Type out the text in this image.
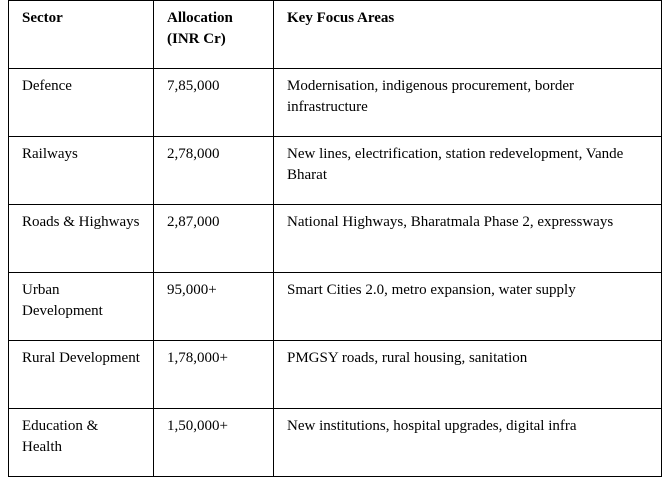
Sector	Allocation (INR Cr)	Key Focus Areas
Defence	7,85,000	Modernisation, indigenous procurement, border infrastructure
Railways	2,78,000	New lines, electrification, station redevelopment, Vande Bharat
Roads & Highways	2,87,000	National Highways, Bharatmala Phase 2, expressways
Urban Development	95,000+	Smart Cities 2.0, metro expansion, water supply
Rural Development	1,78,000+	PMGSY roads, rural housing, sanitation
Education & Health	1,50,000+	New institutions, hospital upgrades, digital infra
